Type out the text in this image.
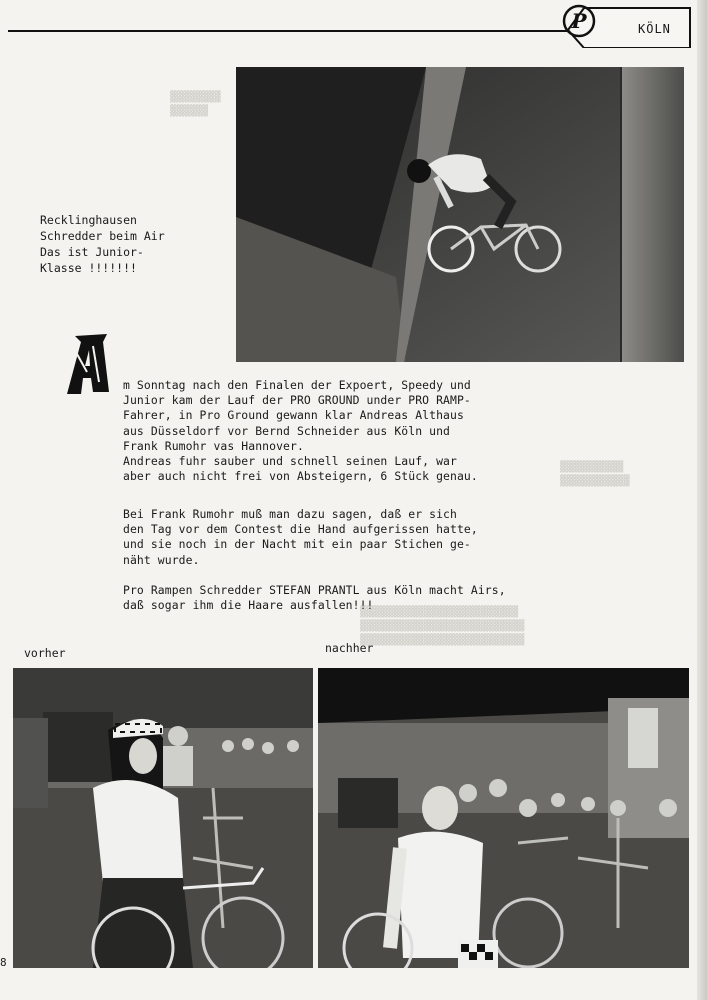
▓▓▓▓▓▓▓▓
▓▓▓▓▓▓
▓▓▓▓▓▓▓▓▓▓
▓▓▓▓▓▓▓▓▓▓▓
▓▓▓▓▓▓▓▓▓▓▓▓▓▓▓▓▓▓▓▓▓▓▓▓▓
▓▓▓▓▓▓▓▓▓▓▓▓▓▓▓▓▓▓▓▓▓▓▓▓▓▓
▓▓▓▓▓▓▓▓▓▓▓▓▓▓▓▓▓▓▓▓▓▓▓▓▓▓
P	KÖLN
Recklinghausen
Schredder beim Air
Das ist Junior-
Klasse !!!!!!!
m Sonntag nach den Finalen der Expoert, Speedy und
Junior kam der Lauf der PRO GROUND under PRO RAMP-
Fahrer, in Pro Ground gewann klar Andreas Althaus
aus Düsseldorf vor Bernd Schneider aus Köln und
Frank Rumohr vas Hannover.
Andreas fuhr sauber und schnell seinen Lauf, war
aber auch nicht frei von Absteigern, 6 Stück genau.
Bei Frank Rumohr muß man dazu sagen, daß er sich
den Tag vor dem Contest die Hand aufgerissen hatte,
und sie noch in der Nacht mit ein paar Stichen ge-
näht wurde.
Pro Rampen Schredder STEFAN PRANTL aus Köln macht Airs,
daß sogar ihm die Haare ausfallen!!!
vorher	nachher
8
